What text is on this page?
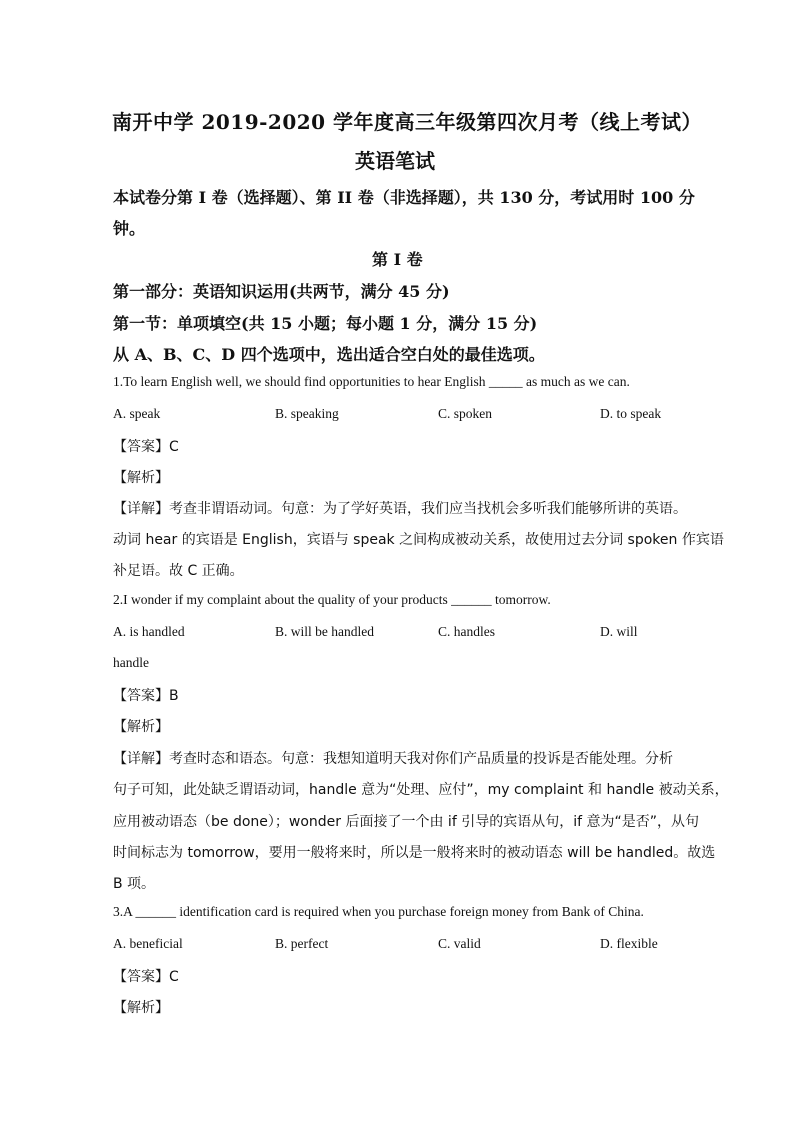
南开中学 2019-2020 学年度高三年级第四次月考（线上考试）
英语笔试
本试卷分第 I 卷（选择题）、第 II 卷（非选择题），共 130 分，考试用时 100 分
钟。
第 I 卷
第一部分：英语知识运用(共两节，满分 45 分)
第一节：单项填空(共 15 小题；每小题 1 分，满分 15 分)
从 A、B、C、D 四个选项中，选出适合空白处的最佳选项。
1.To learn English well, we should find opportunities to hear English _____ as much as we can.
A. speak	B. speaking	C. spoken	D. to speak
【答案】C
【解析】
【详解】考查非谓语动词。句意：为了学好英语，我们应当找机会多听我们能够所讲的英语。
动词 hear 的宾语是 English，宾语与 speak 之间构成被动关系，故使用过去分词 spoken 作宾语
补足语。故 C 正确。
2.I wonder if my complaint about the quality of your products ______ tomorrow.
A. is handled	B. will be handled	C. handles	D. will
handle
【答案】B
【解析】
【详解】考查时态和语态。句意：我想知道明天我对你们产品质量的投诉是否能处理。分析
句子可知，此处缺乏谓语动词，handle 意为“处理、应付”，my complaint 和 handle 被动关系，
应用被动语态（be done）；wonder 后面接了一个由 if 引导的宾语从句，if 意为“是否”，从句
时间标志为 tomorrow，要用一般将来时，所以是一般将来时的被动语态 will be handled。故选
B 项。
3.A ______ identification card is required when you purchase foreign money from Bank of China.
A. beneficial	B. perfect	C. valid	D. flexible
【答案】C
【解析】
